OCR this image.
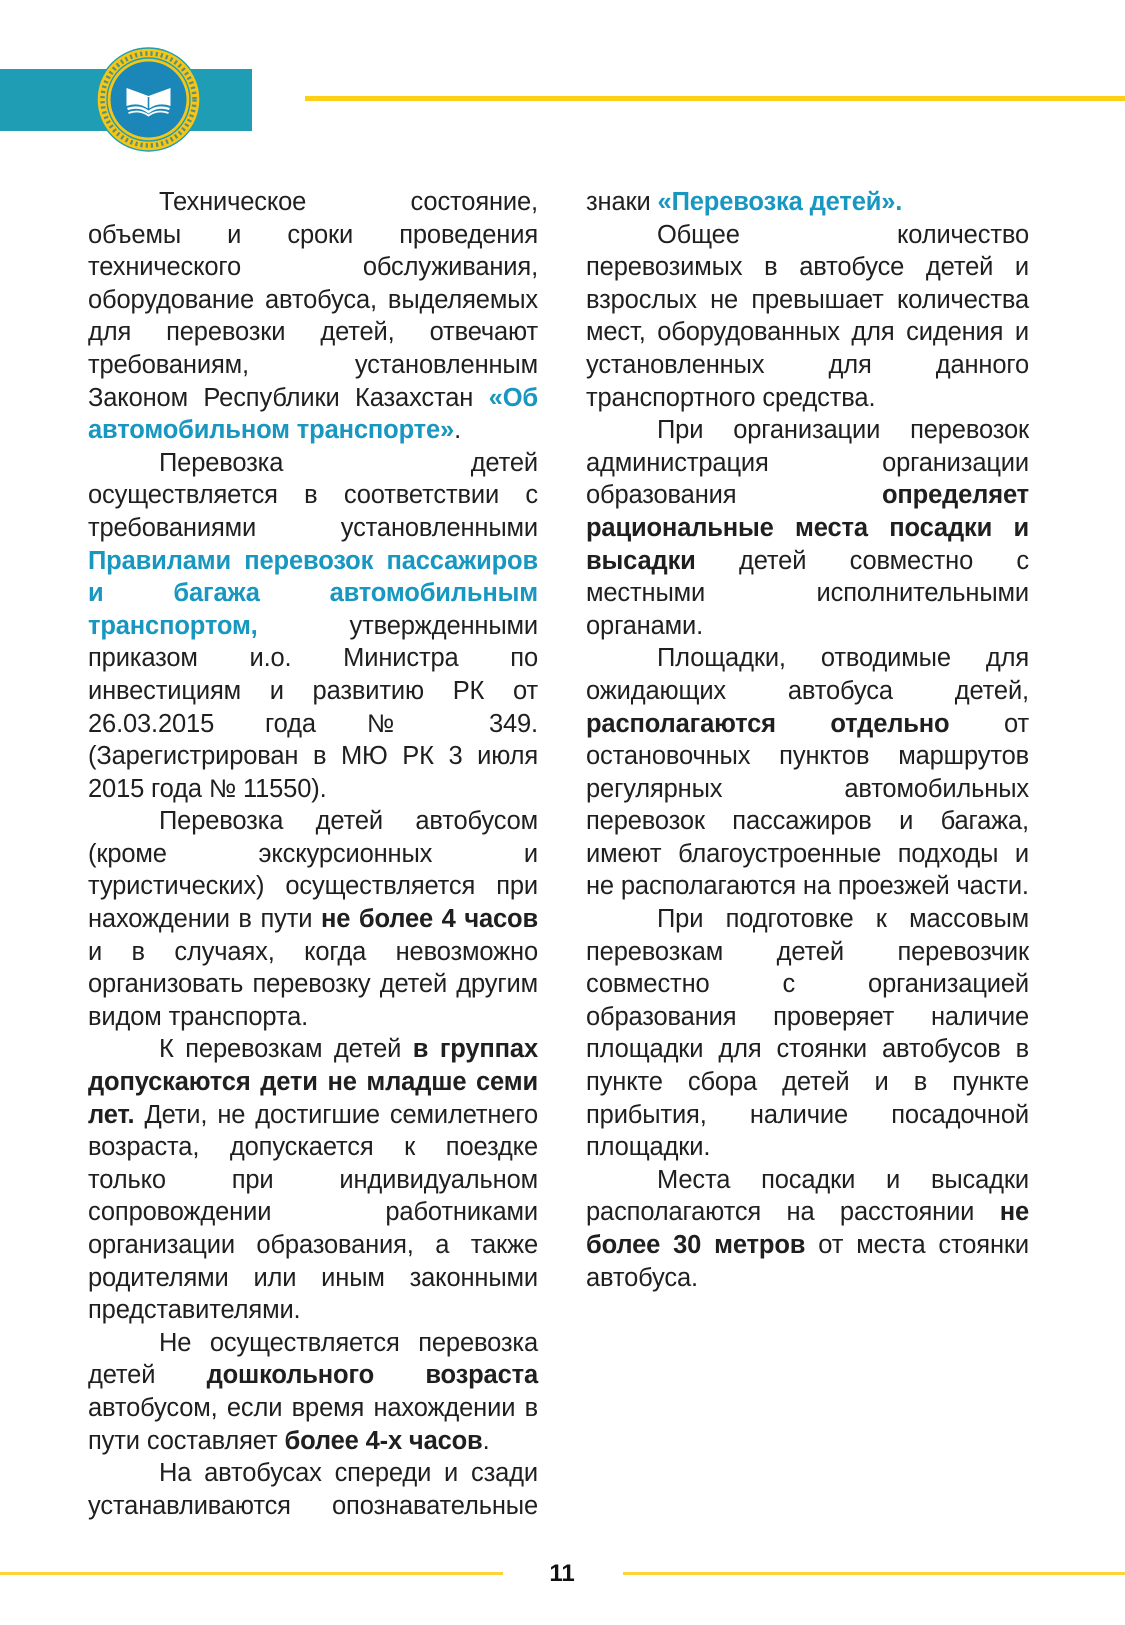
Техническое состояние, объемы и сроки проведения технического обслуживания, оборудование автобуса, выделяемых для перевозки детей, отвечают требованиям, установленным Законом Республики Казахстан «Об автомобильном транспорте».

Перевозка детей осуществляется в соответствии с требованиями установленными Правилами перевозок пассажиров и багажа автомобильным транспортом, утвержденными приказом и.о. Министра по инвестициям и развитию РК от 26.03.2015 года № 349. (Зарегистрирован в МЮ РК 3 июля 2015 года № 11550).

Перевозка детей автобусом (кроме экскурсионных и туристических) осуществляется при нахождении в пути не более 4 часов и в случаях, когда невозможно организовать перевозку детей другим видом транспорта.

К перевозкам детей в группах допускаются дети не младше семи лет. Дети, не достигшие семилетнего возраста, допускается к поездке только при индивидуальном сопровождении работниками организации образования, а также родителями или иным законными представителями.

Не осуществляется перевозка детей дошкольного возраста автобусом, если время нахождении в пути составляет более 4-х часов.

На автобусах спереди и сзади устанавливаются опознавательные

знаки «Перевозка детей».

Общее количество перевозимых в автобусе детей и взрослых не превышает количества мест, оборудованных для сидения и установленных для данного транспортного средства.

При организации перевозок администрация организации образования определяет рациональные места посадки и высадки детей совместно с местными исполнительными органами.

Площадки, отводимые для ожидающих автобуса детей, располагаются отдельно от остановочных пунктов маршрутов регулярных автомобильных перевозок пассажиров и багажа, имеют благоустроенные подходы и не располагаются на проезжей части.

При подготовке к массовым перевозкам детей перевозчик совместно с организацией образования проверяет наличие площадки для стоянки автобусов в пункте сбора детей и в пункте прибытия, наличие посадочной площадки.

Места посадки и высадки располагаются на расстоянии не более 30 метров от места стоянки автобуса.

11
